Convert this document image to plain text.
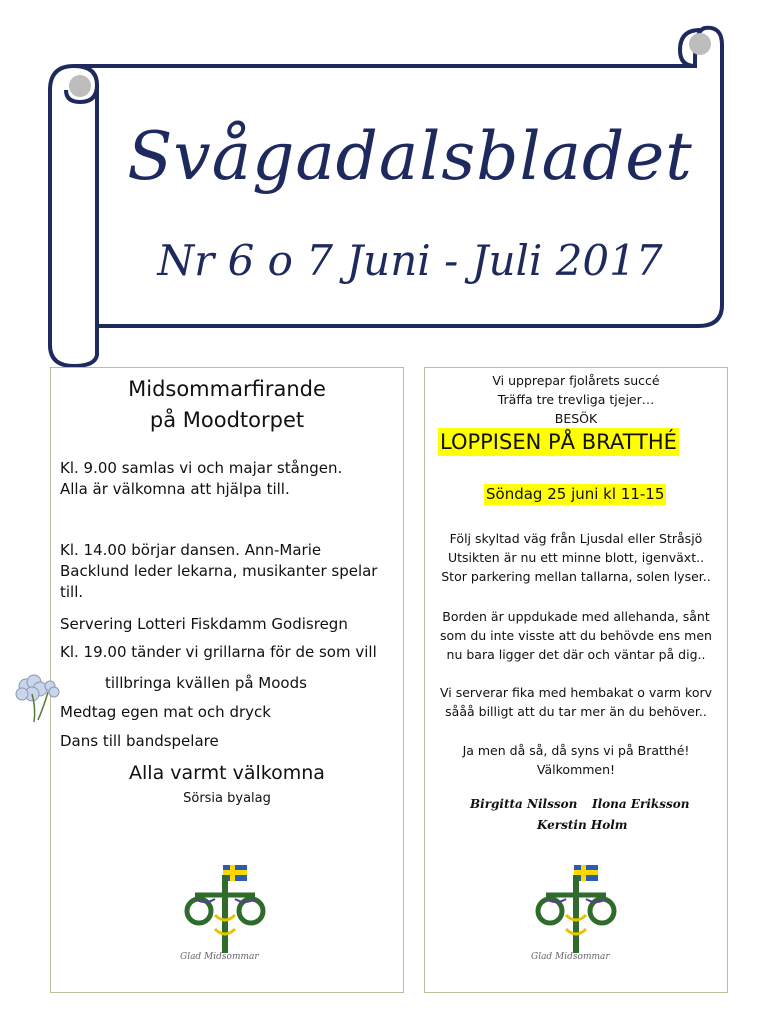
Svågadalsbladet
Nr 6 o 7 Juni - Juli 2017
Midsommarfirande
på Moodtorpet
Kl. 9.00 samlas vi och majar stången.
Alla är välkomna att hjälpa till.
Kl. 14.00 börjar dansen. Ann-Marie
Backlund leder lekarna, musikanter spelar
till.
Servering Lotteri Fiskdamm Godisregn
Kl. 19.00 tänder vi grillarna för de som vill
tillbringa kvällen på Moods
Medtag egen mat och dryck
Dans till bandspelare
Alla varmt välkomna
Sörsia byalag
Glad Midsommar
Vi upprepar fjolårets succé
Träffa tre trevliga tjejer…
BESÖK
LOPPISEN PÅ BRATTHÉ
Söndag 25 juni kl 11-15
Följ skyltad väg från Ljusdal eller Stråsjö
Utsikten är nu ett minne blott, igenväxt..
Stor parkering mellan tallarna, solen lyser..
Borden är uppdukade med allehanda, sånt
som du inte visste att du behövde ens men
nu bara ligger det där och väntar på dig..
Vi serverar fika med hembakat o varm korv
sååå billigt att du tar mer än du behöver..
Ja men då så, då syns vi på Bratthé!
Välkommen!
Birgitta Nilsson Ilona Eriksson
Kerstin Holm
Glad Midsommar
